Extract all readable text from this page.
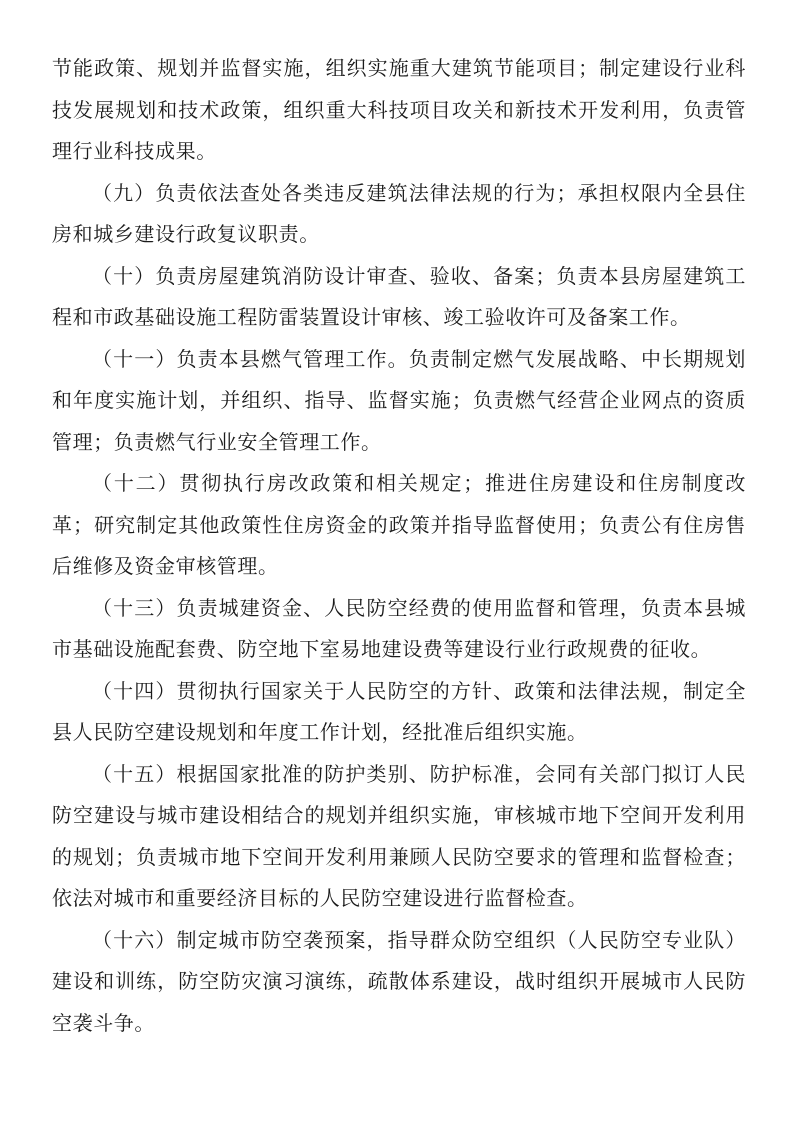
节能政策、规划并监督实施，组织实施重大建筑节能项目；制定建设行业科技发展规划和技术政策，组织重大科技项目攻关和新技术开发利用，负责管理行业科技成果。

（九）负责依法查处各类违反建筑法律法规的行为；承担权限内全县住房和城乡建设行政复议职责。

（十）负责房屋建筑消防设计审查、验收、备案；负责本县房屋建筑工程和市政基础设施工程防雷装置设计审核、竣工验收许可及备案工作。

（十一）负责本县燃气管理工作。负责制定燃气发展战略、中长期规划和年度实施计划，并组织、指导、监督实施；负责燃气经营企业网点的资质管理；负责燃气行业安全管理工作。

（十二）贯彻执行房改政策和相关规定；推进住房建设和住房制度改革；研究制定其他政策性住房资金的政策并指导监督使用；负责公有住房售后维修及资金审核管理。

（十三）负责城建资金、人民防空经费的使用监督和管理，负责本县城市基础设施配套费、防空地下室易地建设费等建设行业行政规费的征收。

（十四）贯彻执行国家关于人民防空的方针、政策和法律法规，制定全县人民防空建设规划和年度工作计划，经批准后组织实施。

（十五）根据国家批准的防护类别、防护标准，会同有关部门拟订人民防空建设与城市建设相结合的规划并组织实施，审核城市地下空间开发利用的规划；负责城市地下空间开发利用兼顾人民防空要求的管理和监督检查；依法对城市和重要经济目标的人民防空建设进行监督检查。

（十六）制定城市防空袭预案，指导群众防空组织（人民防空专业队）建设和训练，防空防灾演习演练，疏散体系建设，战时组织开展城市人民防空袭斗争。
